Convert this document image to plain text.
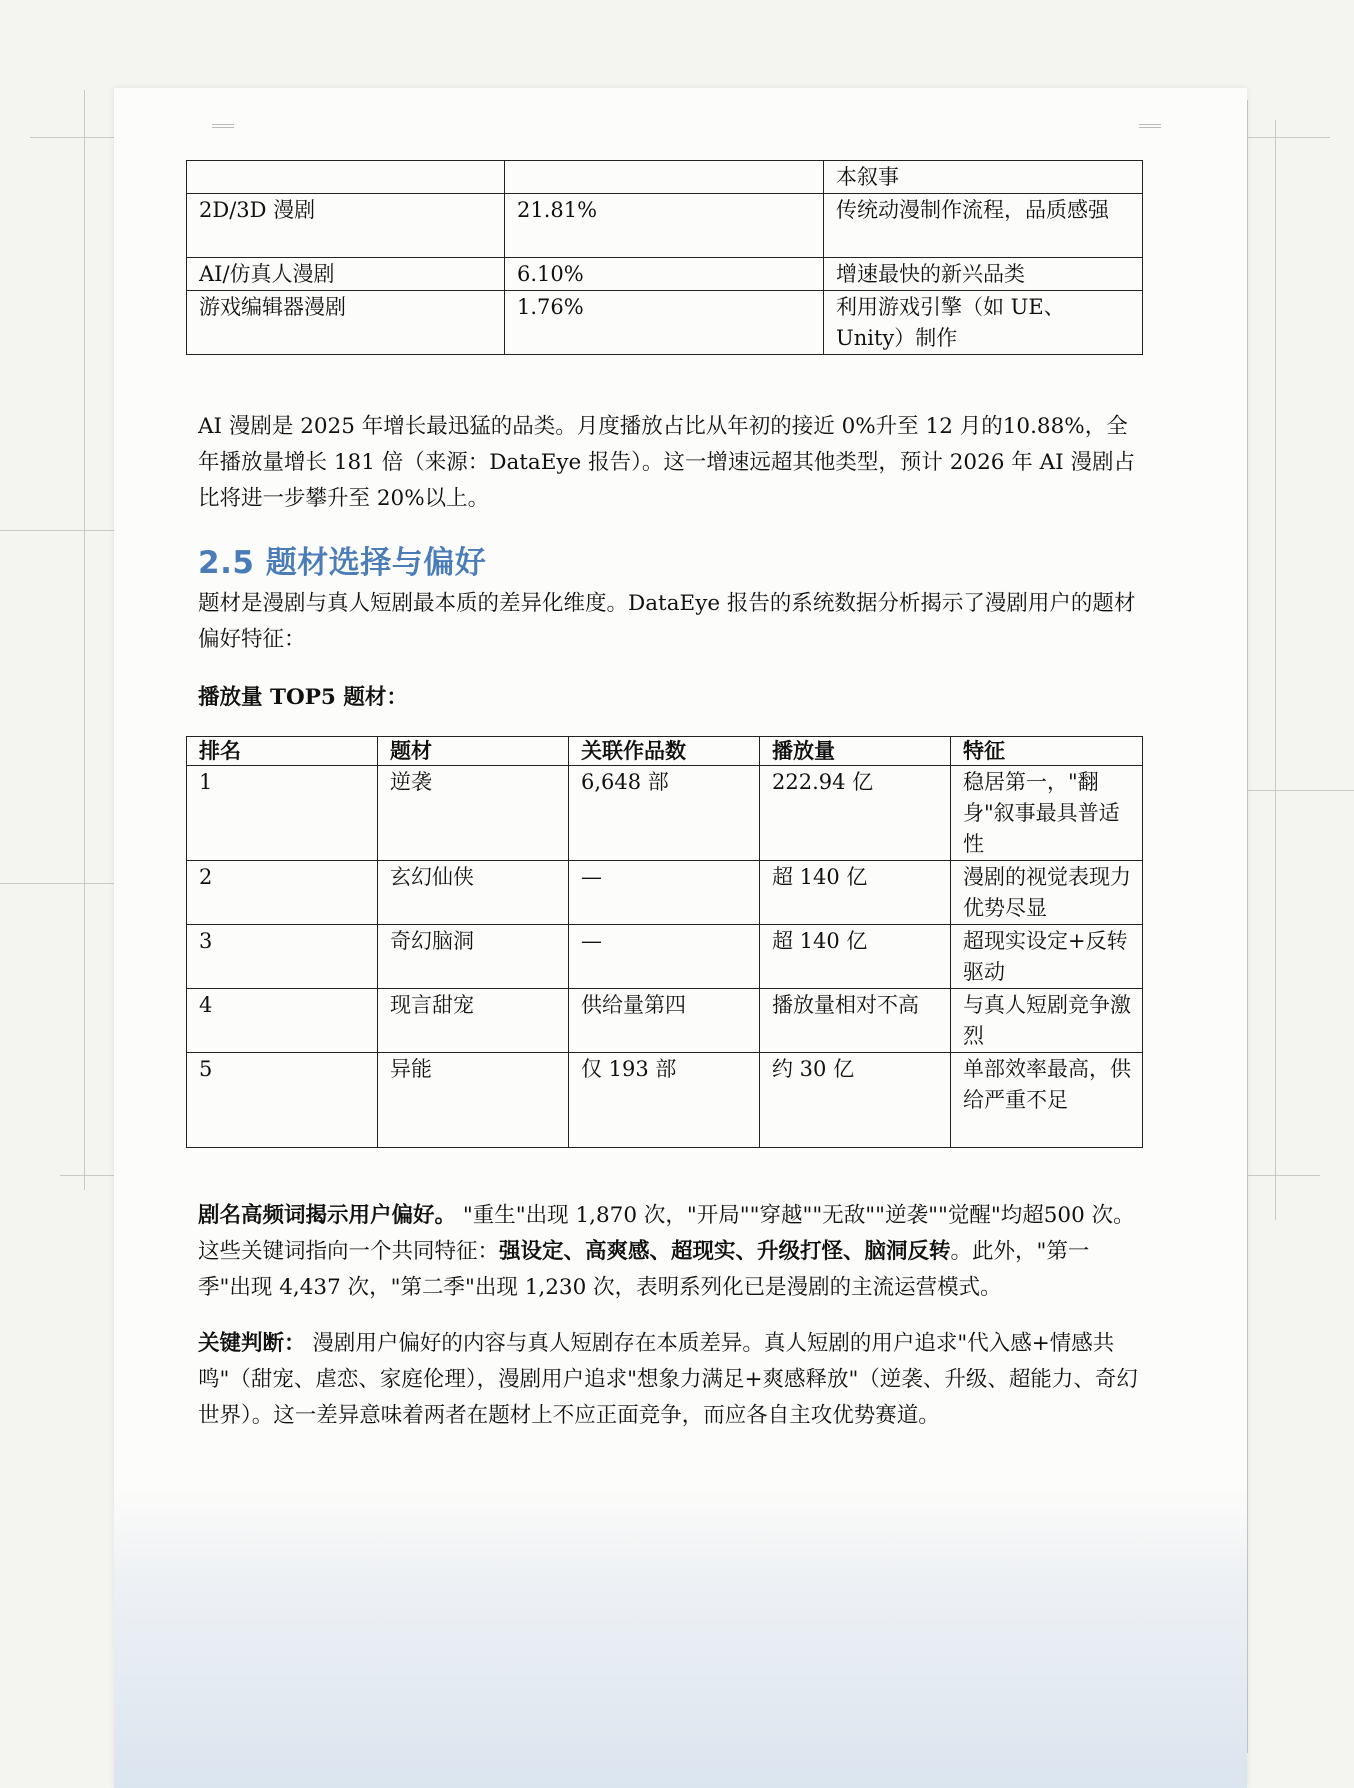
		本叙事
2D/3D 漫剧	21.81%	传统动漫制作流程，品质感强
AI/仿真人漫剧	6.10%	增速最快的新兴品类
游戏编辑器漫剧	1.76%	利用游戏引擎（如 UE、Unity）制作

AI 漫剧是 2025 年增长最迅猛的品类。月度播放占比从年初的接近 0%升至 12 月的10.88%，全年播放量增长 181 倍（来源：DataEye 报告）。这一增速远超其他类型，预计 2026 年 AI 漫剧占比将进一步攀升至 20%以上。

2.5 题材选择与偏好

题材是漫剧与真人短剧最本质的差异化维度。DataEye 报告的系统数据分析揭示了漫剧用户的题材偏好特征：

播放量 TOP5 题材：

排名	题材	关联作品数	播放量	特征
1	逆袭	6,648 部	222.94 亿	稳居第一，"翻身"叙事最具普适性
2	玄幻仙侠	—	超 140 亿	漫剧的视觉表现力优势尽显
3	奇幻脑洞	—	超 140 亿	超现实设定+反转驱动
4	现言甜宠	供给量第四	播放量相对不高	与真人短剧竞争激烈
5	异能	仅 193 部	约 30 亿	单部效率最高，供给严重不足

剧名高频词揭示用户偏好。 "重生"出现 1,870 次，"开局""穿越""无敌""逆袭""觉醒"均超500 次。这些关键词指向一个共同特征：强设定、高爽感、超现实、升级打怪、脑洞反转。此外，"第一季"出现 4,437 次，"第二季"出现 1,230 次，表明系列化已是漫剧的主流运营模式。

关键判断： 漫剧用户偏好的内容与真人短剧存在本质差异。真人短剧的用户追求"代入感+情感共鸣"（甜宠、虐恋、家庭伦理），漫剧用户追求"想象力满足+爽感释放"（逆袭、升级、超能力、奇幻世界）。这一差异意味着两者在题材上不应正面竞争，而应各自主攻优势赛道。
